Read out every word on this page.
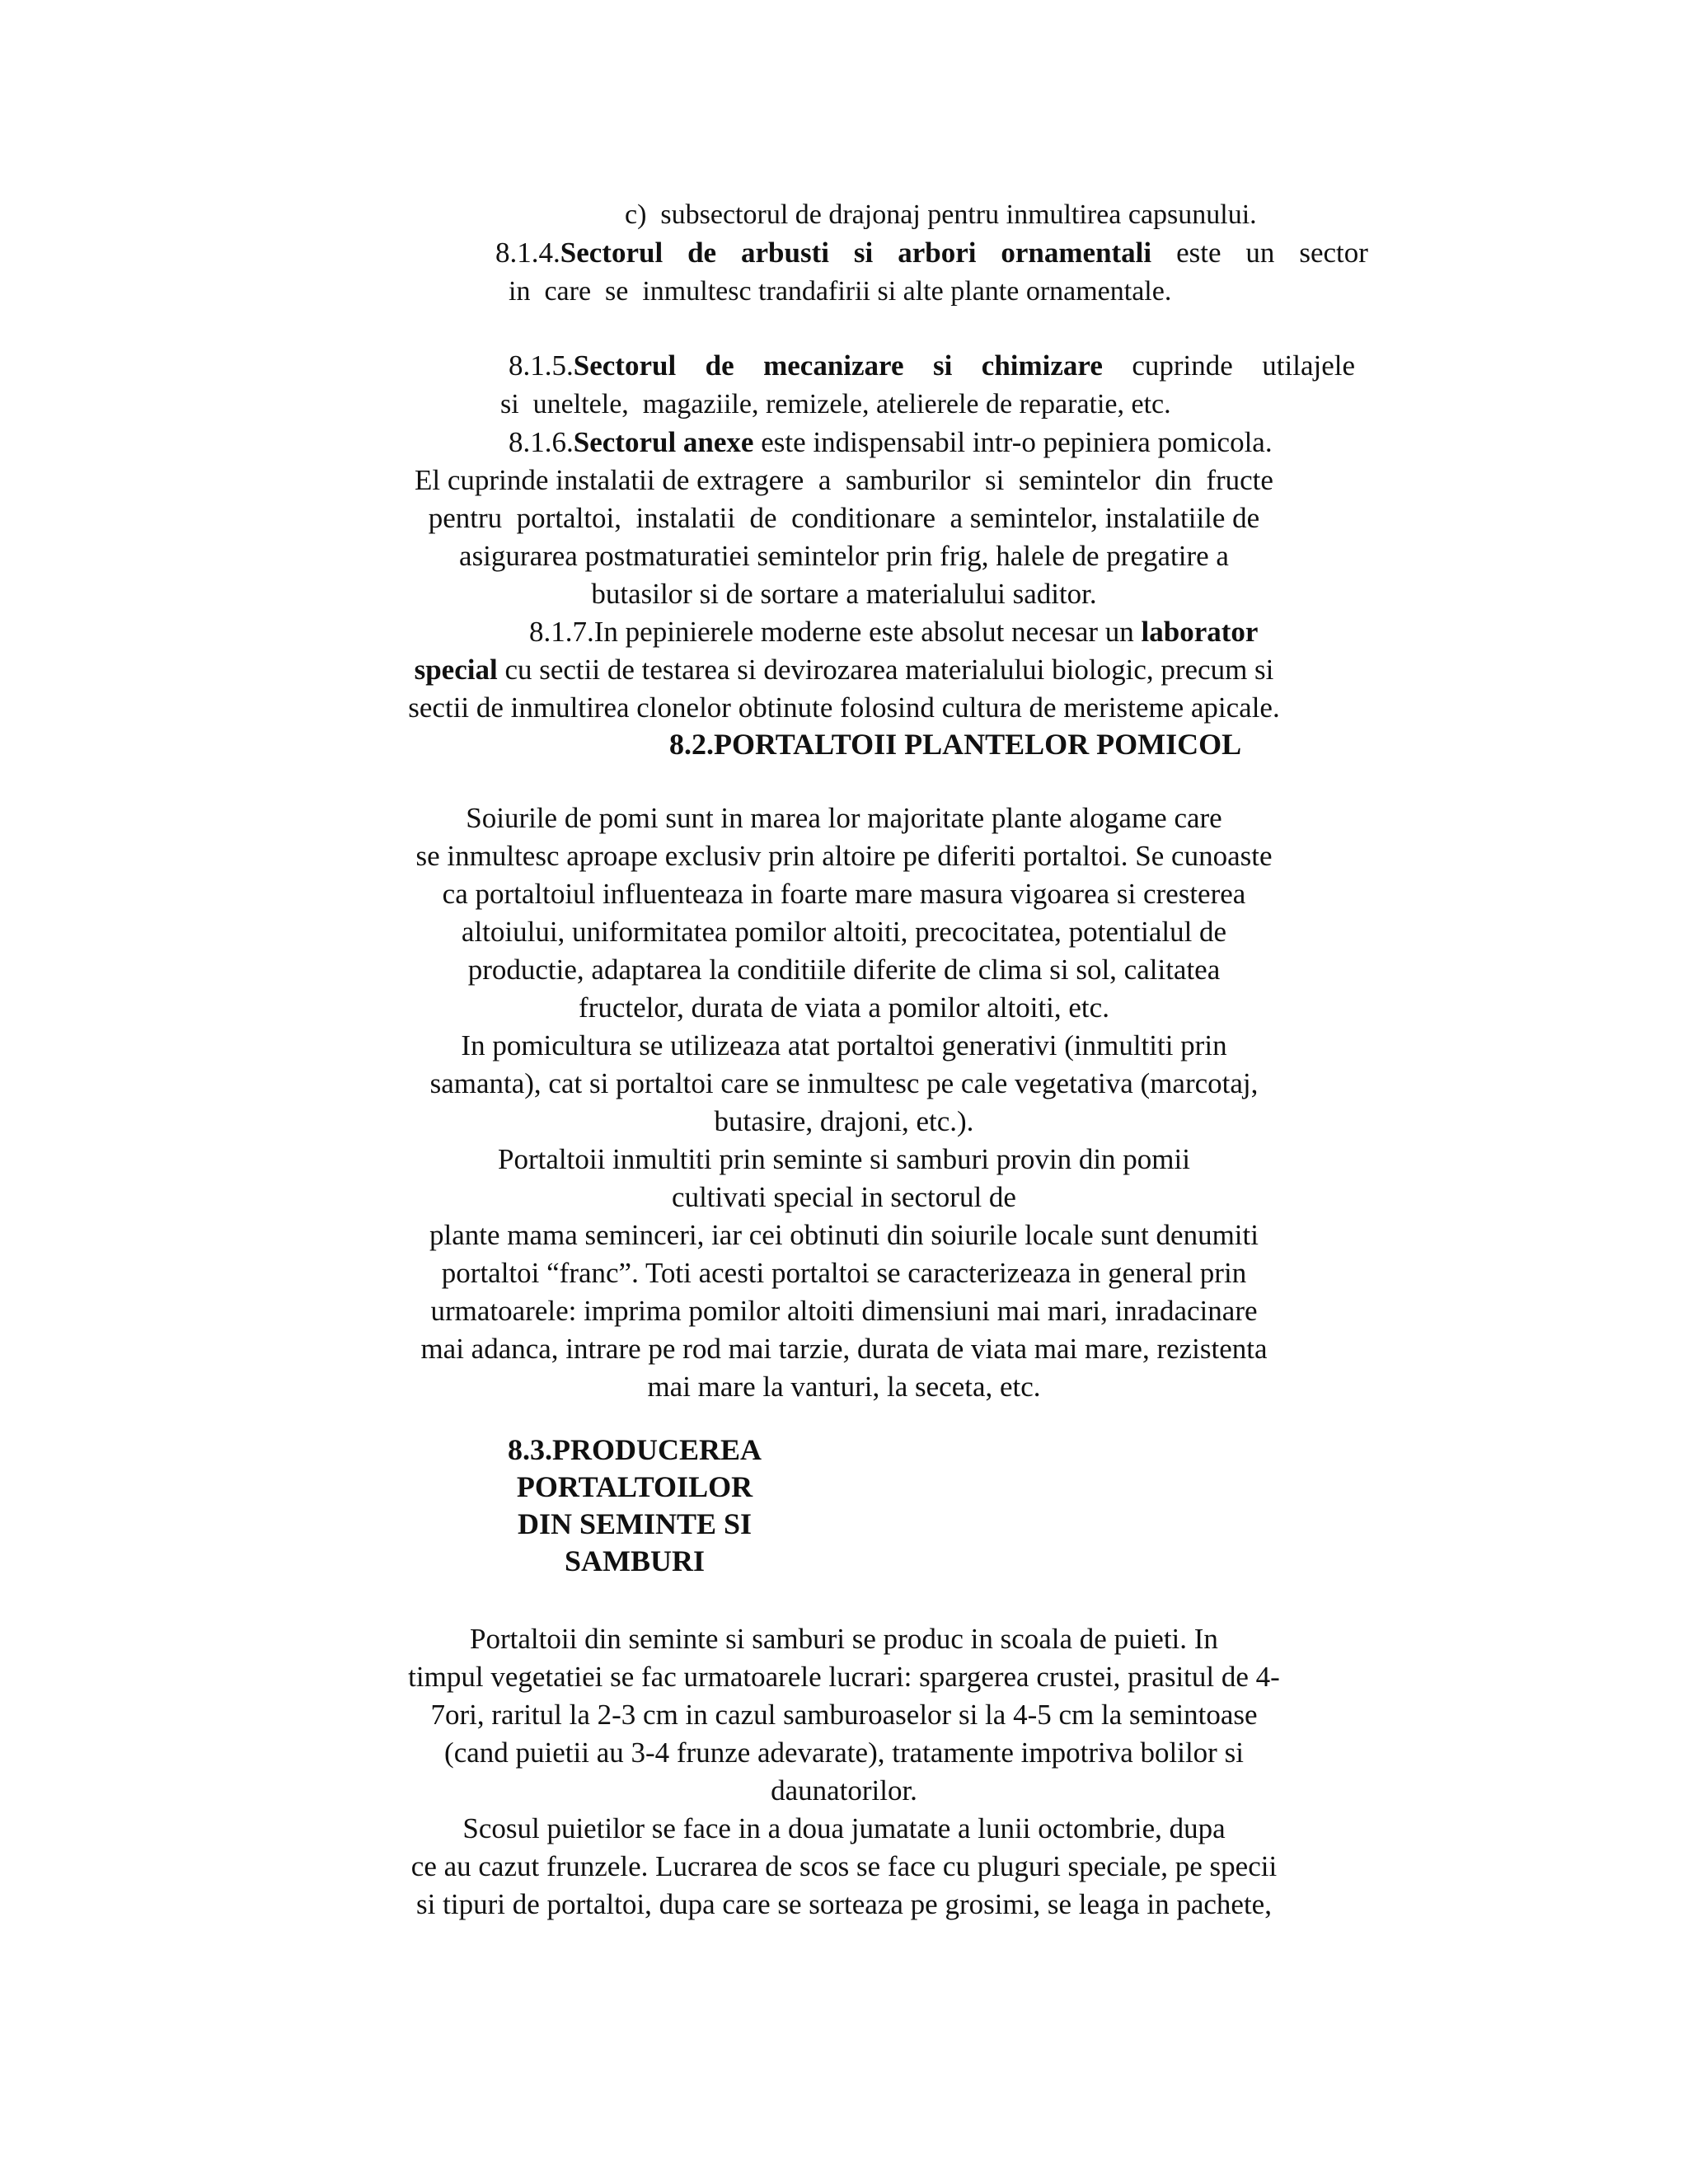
c)  subsectorul de drajonaj pentru inmultirea capsunului.
8.1.4.Sectorul de arbusti si arbori ornamentali este un sector
in  care  se  inmultesc trandafirii si alte plante ornamentale.
8.1.5.Sectorul de mecanizare si chimizare cuprinde utilajele
si  uneltele,  magaziile, remizele, atelierele de reparatie, etc.
8.1.6.Sectorul anexe este indispensabil intr-o pepiniera pomicola.
El cuprinde instalatii de extragere  a  samburilor  si  semintelor  din  fructe
pentru  portaltoi,  instalatii  de  conditionare  a semintelor, instalatiile de
asigurarea postmaturatiei semintelor prin frig, halele de pregatire a
butasilor si de sortare a materialului saditor.
8.1.7.In pepinierele moderne este absolut necesar un laborator
special cu sectii de testarea si devirozarea materialului biologic, precum si
sectii de inmultirea clonelor obtinute folosind cultura de meristeme apicale.
8.2.PORTALTOII PLANTELOR POMICOL
Soiurile de pomi sunt in marea lor majoritate plante alogame care
se inmultesc aproape exclusiv prin altoire pe diferiti portaltoi. Se cunoaste
ca portaltoiul influenteaza in foarte mare masura vigoarea si cresterea
altoiului, uniformitatea pomilor altoiti, precocitatea, potentialul de
productie, adaptarea la conditiile diferite de clima si sol, calitatea
fructelor, durata de viata a pomilor altoiti, etc.
In pomicultura se utilizeaza atat portaltoi generativi (inmultiti prin
samanta), cat si portaltoi care se inmultesc pe cale vegetativa (marcotaj,
butasire, drajoni, etc.).
Portaltoii inmultiti prin seminte si samburi provin din pomii
cultivati special in sectorul de
plante mama seminceri, iar cei obtinuti din soiurile locale sunt denumiti
portaltoi “franc”. Toti acesti portaltoi se caracterizeaza in general prin
urmatoarele: imprima pomilor altoiti dimensiuni mai mari, inradacinare
mai adanca, intrare pe rod mai tarzie, durata de viata mai mare, rezistenta
mai mare la vanturi, la seceta, etc.
8.3.PRODUCEREA
PORTALTOILOR
DIN SEMINTE SI
SAMBURI
Portaltoii din seminte si samburi se produc in scoala de puieti. In
timpul vegetatiei se fac urmatoarele lucrari: spargerea crustei, prasitul de 4-
7ori, raritul la 2-3 cm in cazul samburoaselor si la 4-5 cm la semintoase
(cand puietii au 3-4 frunze adevarate), tratamente impotriva bolilor si
daunatorilor.
Scosul puietilor se face in a doua jumatate a lunii octombrie, dupa
ce au cazut frunzele. Lucrarea de scos se face cu pluguri speciale, pe specii
si tipuri de portaltoi, dupa care se sorteaza pe grosimi, se leaga in pachete,
